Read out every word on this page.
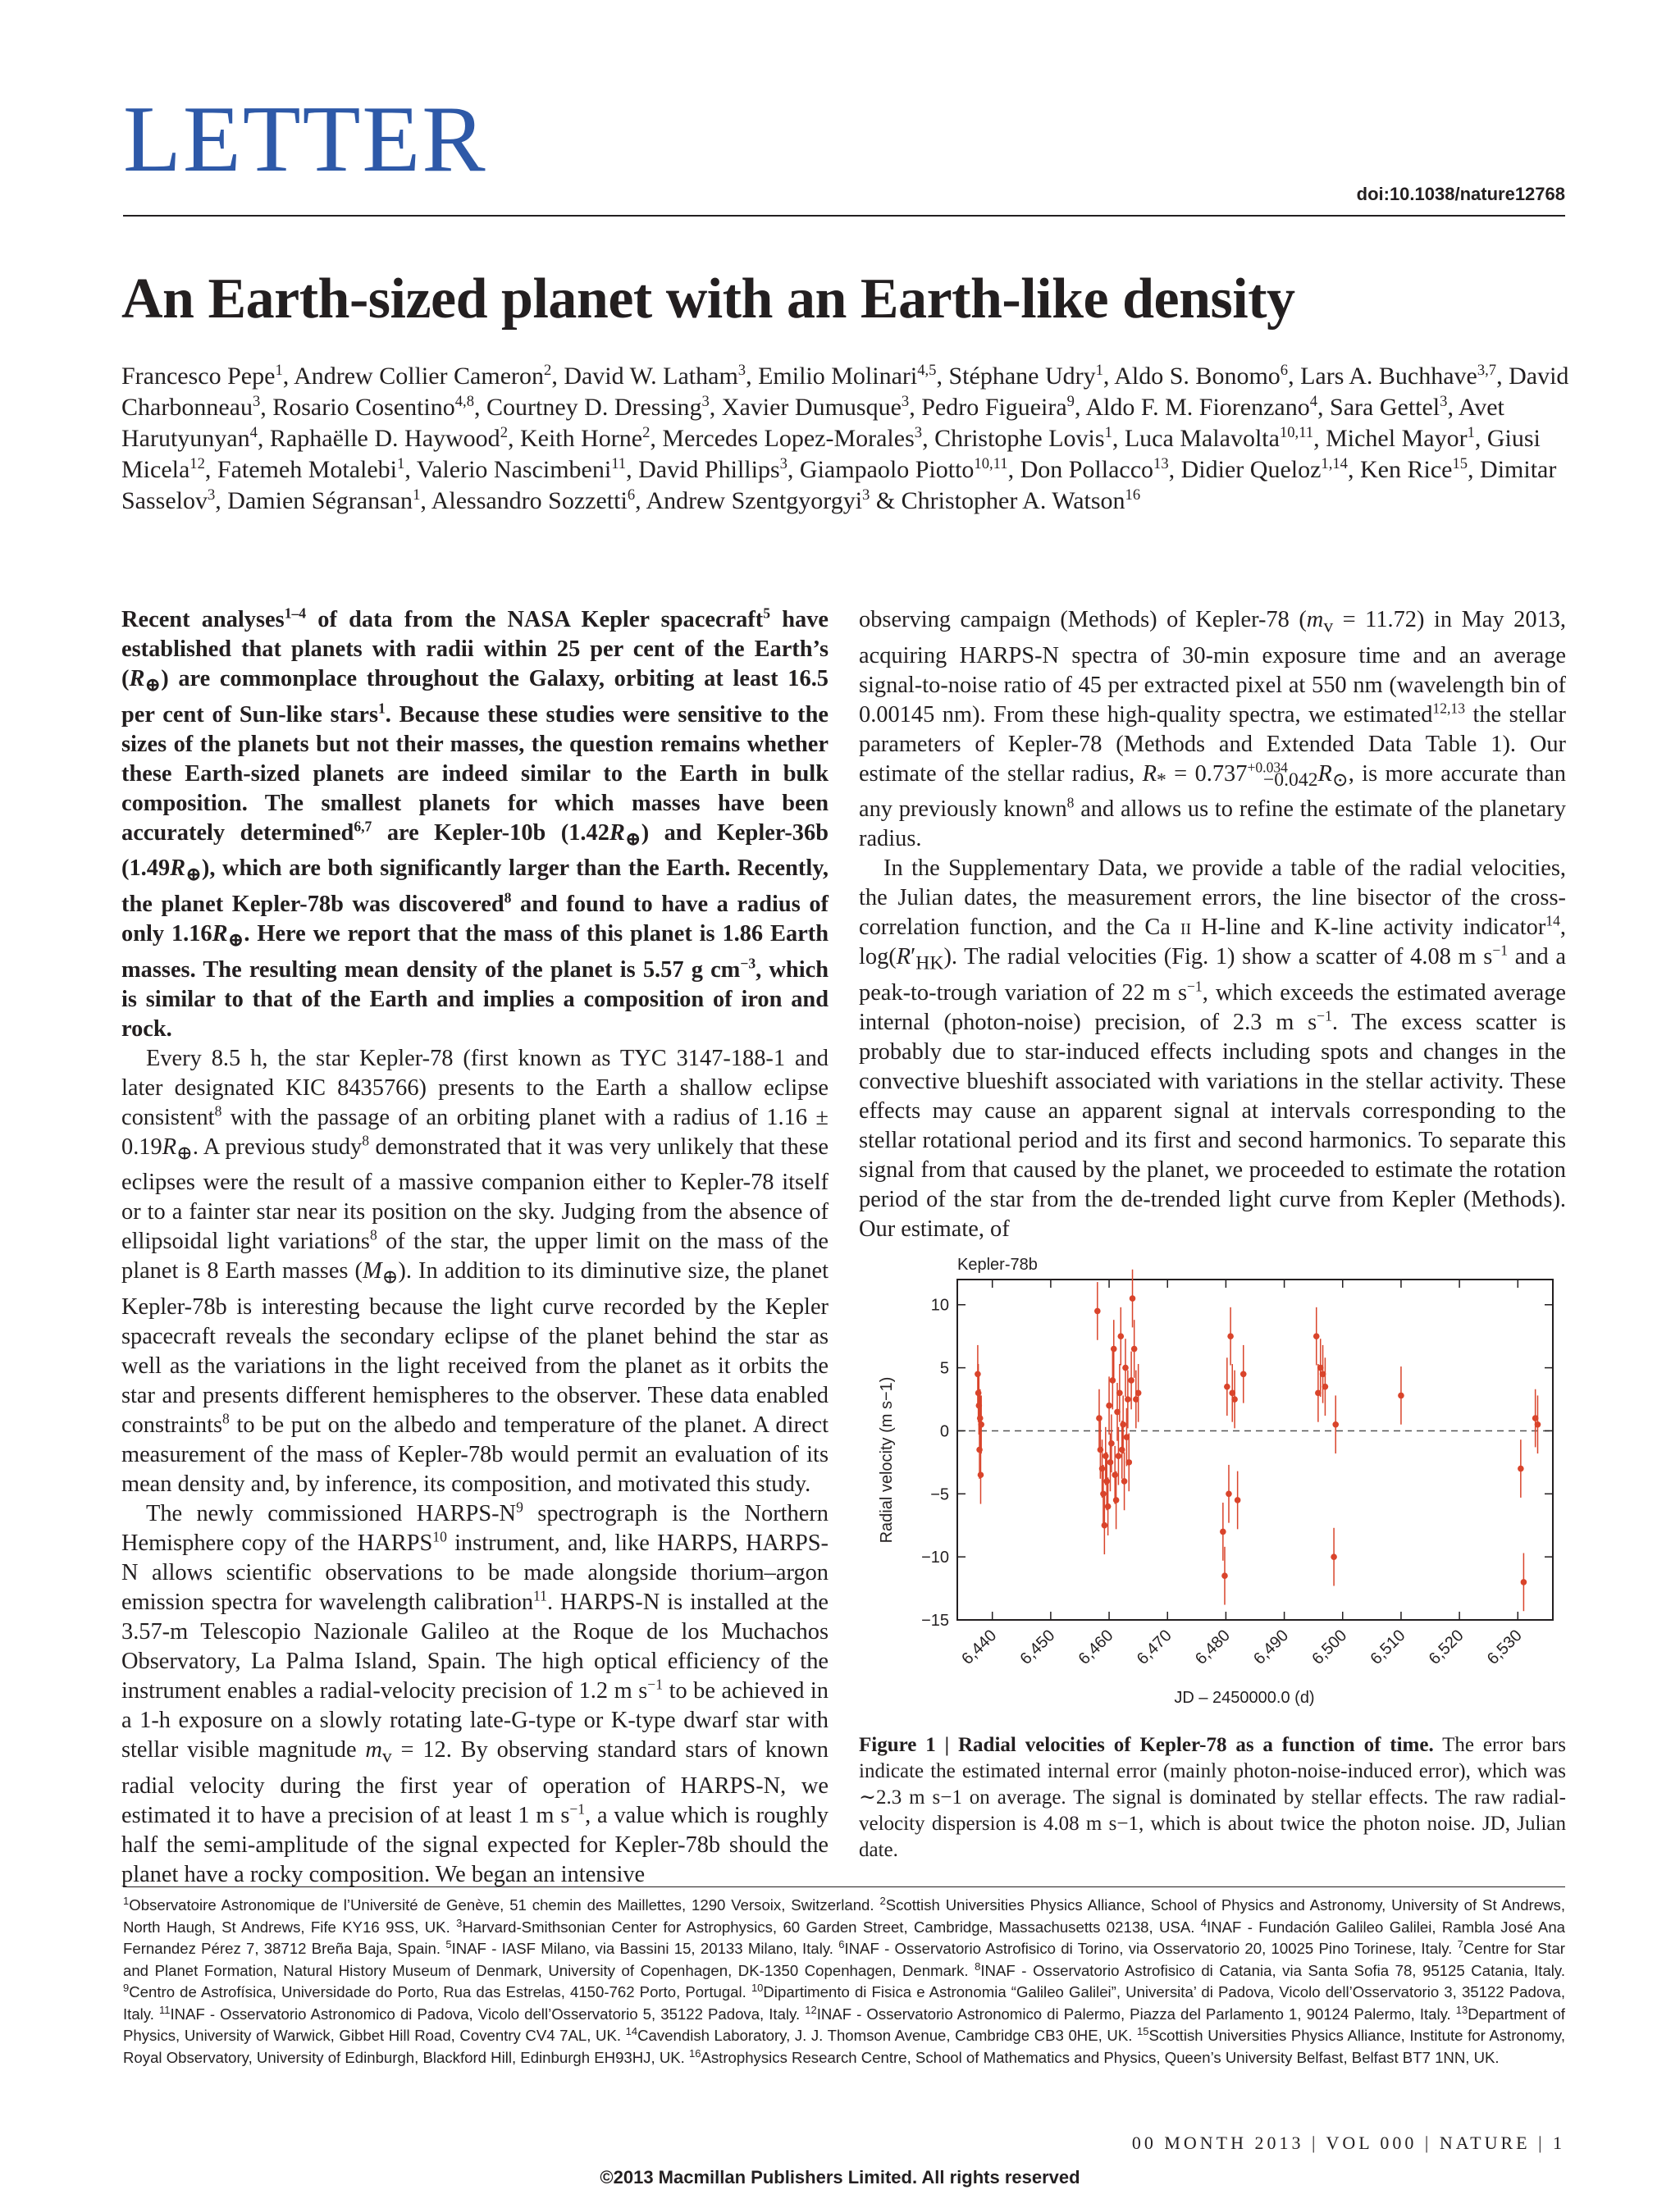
LETTER
doi:10.1038/nature12768
An Earth-sized planet with an Earth-like density
Francesco Pepe$^1$, Andrew Collier Cameron$^2$, David W. Latham$^3$, Emilio Molinari$^{4,5}$, Stéphane Udry$^1$, Aldo S. Bonomo$^6$, Lars A. Buchhave$^{3,7}$, David Charbonneau$^3$, Rosario Cosentino$^{4,8}$, Courtney D. Dressing$^3$, Xavier Dumusque$^3$, Pedro Figueira$^9$, Aldo F. M. Fiorenzano$^4$, Sara Gettel$^3$, Avet Harutyunyan$^4$, Raphaëlle D. Haywood$^2$, Keith Horne$^2$, Mercedes Lopez-Morales$^3$, Christophe Lovis$^1$, Luca Malavolta$^{10,11}$, Michel Mayor$^1$, Giusi Micela$^{12}$, Fatemeh Motalebi$^1$, Valerio Nascimbeni$^{11}$, David Phillips$^3$, Giampaolo Piotto$^{10,11}$, Don Pollacco$^{13}$, Didier Queloz$^{1,14}$, Ken Rice$^{15}$, Dimitar Sasselov$^3$, Damien Ségransan$^1$, Alessandro Sozzetti$^6$, Andrew Szentgyorgyi$^3$ & Christopher A. Watson$^{16}$

Recent analyses$^{1-4}$ of data from the NASA Kepler spacecraft$^5$ have established that planets with radii within 25 per cent of the Earth’s $(R_\oplus)$ are commonplace throughout the Galaxy, orbiting at least 16.5 per cent of Sun-like stars$^1$. Because these studies were sensitive to the sizes of the planets but not their masses, the question remains whether these Earth-sized planets are indeed similar to the Earth in bulk composition. The smallest planets for which masses have been accurately determined$^{6,7}$ are Kepler-10b $(1.42R_\oplus)$ and Kepler-36b $(1.49R_\oplus)$, which are both significantly larger than the Earth. Recently, the planet Kepler-78b was discovered$^8$ and found to have a radius of only $1.16R_\oplus$. Here we report that the mass of this planet is 1.86 Earth masses. The resulting mean density of the planet is 5.57 g $cm^{-3}$, which is similar to that of the Earth and implies a composition of iron and rock.

Every 8.5 h, the star Kepler-78 (first known as TYC 3147-188-1 and later designated KIC 8435766) presents to the Earth a shallow eclipse consistent$^8$ with the passage of an orbiting planet with a radius of $1.16 \pm 0.19R_\oplus$. A previous study$^8$ demonstrated that it was very unlikely that these eclipses were the result of a massive companion either to Kepler-78 itself or to a fainter star near its position on the sky. Judging from the absence of ellipsoidal light variations$^8$ of the star, the upper limit on the mass of the planet is 8 Earth masses $(M_\oplus)$. In addition to its diminutive size, the planet Kepler-78b is interesting because the light curve recorded by the Kepler spacecraft reveals the secondary eclipse of the planet behind the star as well as the variations in the light received from the planet as it orbits the star and presents different hemispheres to the observer. These data enabled constraints$^8$ to be put on the albedo and temperature of the planet. A direct measurement of the mass of Kepler-78b would permit an evaluation of its mean density and, by inference, its composition, and motivated this study.

The newly commissioned HARPS-$N^9$ spectrograph is the Northern Hemisphere copy of the HARPS$^{10}$ instrument, and, like HARPS, HARPS-N allows scientific observations to be made alongside thorium–argon emission spectra for wavelength calibration$^{11}$. HARPS-N is installed at the 3.57-m Telescopio Nazionale Galileo at the Roque de los Muchachos Observatory, La Palma Island, Spain. The high optical efficiency of the instrument enables a radial-velocity precision of 1.2 m $s^{-1}$ to be achieved in a 1-h exposure on a slowly rotating late-G-type or K-type dwarf star with stellar visible magnitude $m_v = 12$. By observing standard stars of known radial velocity during the first year of operation of HARPS-N, we estimated it to have a precision of at least 1 m $s^{-1}$, a value which is roughly half the semi-amplitude of the signal expected for Kepler-78b should the planet have a rocky composition. We began an intensive

observing campaign (Methods) of Kepler-78 $(m_v = 11.72)$ in May 2013, acquiring HARPS-N spectra of 30-min exposure time and an average signal-to-noise ratio of 45 per extracted pixel at 550 nm (wavelength bin of 0.00145 nm). From these high-quality spectra, we estimated$^{12,13}$ the stellar parameters of Kepler-78 (Methods and Extended Data Table 1). Our estimate of the stellar radius, $R_* = 0.737^{+0.034}_{-0.042}R_⊙$, is more accurate than any previously known$^8$ and allows us to refine the estimate of the planetary radius.

In the Supplementary Data, we provide a table of the radial velocities, the Julian dates, the measurement errors, the line bisector of the cross-correlation function, and the Ca ii H-line and K-line activity indicator$^{14}$, $\log(R'_{HK})$. The radial velocities (Fig. 1) show a scatter of 4.08 m $s^{-1}$ and a peak-to-trough variation of 22 m $s^{-1}$, which exceeds the estimated average internal (photon-noise) precision, of 2.3 m $s^{-1}$. The excess scatter is probably due to star-induced effects including spots and changes in the convective blueshift associated with variations in the stellar activity. These effects may cause an apparent signal at intervals corresponding to the stellar rotational period and its first and second harmonics. To separate this signal from that caused by the planet, we proceeded to estimate the rotation period of the star from the de-trended light curve from Kepler (Methods). Our estimate, of

Kepler-78b
−15
−10
−5
0
5
10
6,440 6,450 6,460 6,470 6,480 6,490 6,500 6,510 6,520 6,530
Radial velocity (m s−1)
JD – 2450000.0 (d)
Figure 1 | Radial velocities of Kepler-78 as a function of time. The error bars indicate the estimated internal error (mainly photon-noise-induced error), which was ∼2.3 m s−1 on average. The signal is dominated by stellar effects. The raw radial-velocity dispersion is 4.08 m s−1, which is about twice the photon noise. JD, Julian date.
$^1$Observatoire Astronomique de l’Université de Genève, 51 chemin des Maillettes, 1290 Versoix, Switzerland. $^2$Scottish Universities Physics Alliance, School of Physics and Astronomy, University of St Andrews, North Haugh, St Andrews, Fife KY16 9SS, UK. $^3$Harvard-Smithsonian Center for Astrophysics, 60 Garden Street, Cambridge, Massachusetts 02138, USA. $^4$INAF - Fundación Galileo Galilei, Rambla José Ana Fernandez Pérez 7, 38712 Breña Baja, Spain. $^5$INAF - IASF Milano, via Bassini 15, 20133 Milano, Italy. $^6$INAF - Osservatorio Astrofisico di Torino, via Osservatorio 20, 10025 Pino Torinese, Italy. $^7$Centre for Star and Planet Formation, Natural History Museum of Denmark, University of Copenhagen, DK-1350 Copenhagen, Denmark. $^8$INAF - Osservatorio Astrofisico di Catania, via Santa Sofia 78, 95125 Catania, Italy. $^9$Centro de Astrofísica, Universidade do Porto, Rua das Estrelas, 4150-762 Porto, Portugal. $^{10}$Dipartimento di Fisica e Astronomia “Galileo Galilei”, Universita’ di Padova, Vicolo dell’Osservatorio 3, 35122 Padova, Italy. $^{11}$INAF - Osservatorio Astronomico di Padova, Vicolo dell’Osservatorio 5, 35122 Padova, Italy. $^{12}$INAF - Osservatorio Astronomico di Palermo, Piazza del Parlamento 1, 90124 Palermo, Italy. $^{13}$Department of Physics, University of Warwick, Gibbet Hill Road, Coventry CV4 7AL, UK. $^{14}$Cavendish Laboratory, J. J. Thomson Avenue, Cambridge CB3 0HE, UK. $^{15}$Scottish Universities Physics Alliance, Institute for Astronomy, Royal Observatory, University of Edinburgh, Blackford Hill, Edinburgh EH93HJ, UK. $^{16}$Astrophysics Research Centre, School of Mathematics and Physics, Queen’s University Belfast, Belfast BT7 1NN, UK.
00 MONTH 2013 | VOL 000 | NATURE | 1
©2013 Macmillan Publishers Limited. All rights reserved
